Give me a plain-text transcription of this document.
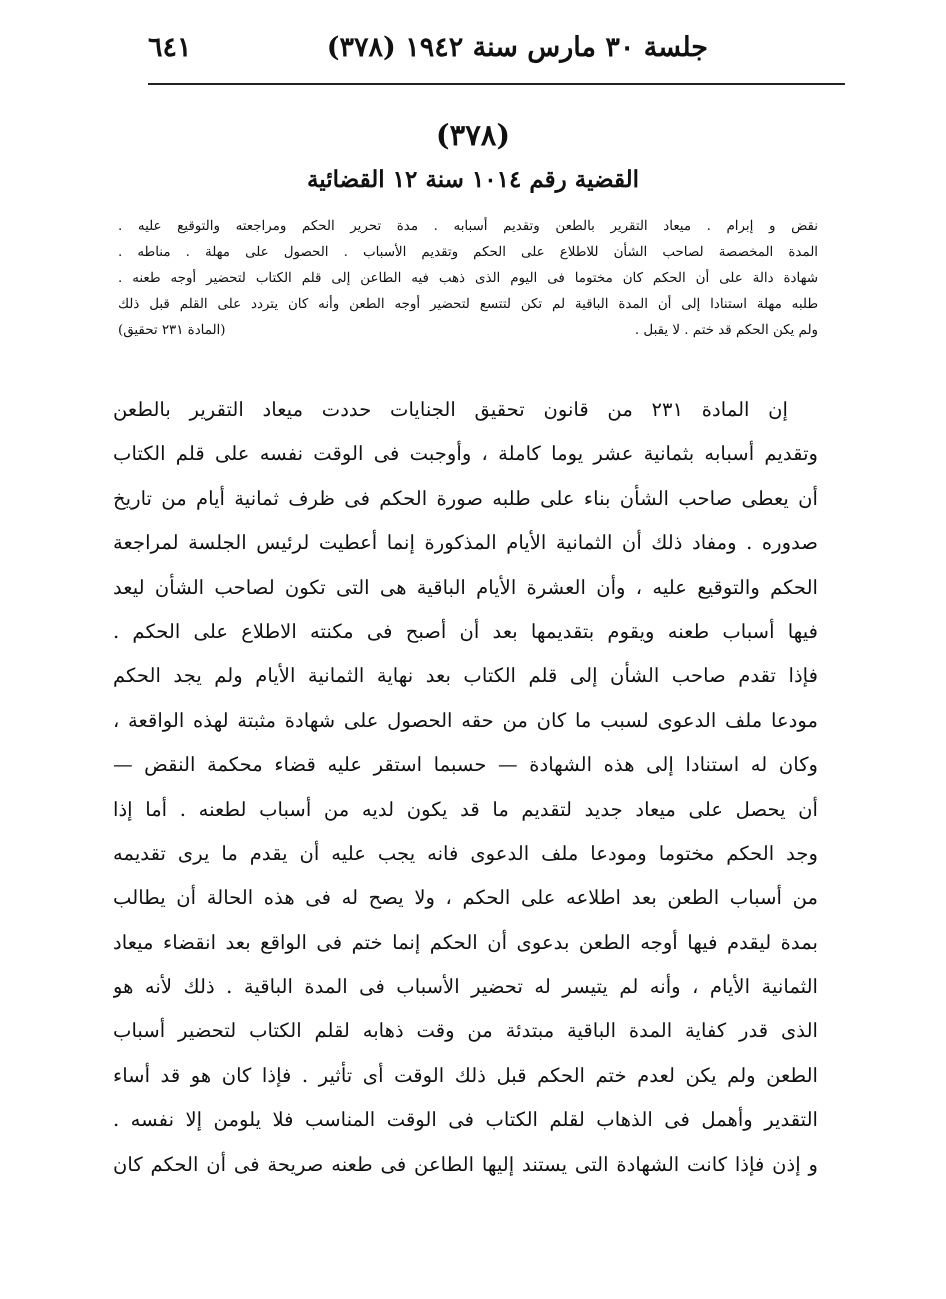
جلسة ٣٠ مارس سنة ١٩٤٢ (٣٧٨)
٦٤١
(٣٧٨)
القضية رقم ١٠١٤ سنة ١٢ القضائية
نقض و إبرام . ميعاد التقرير بالطعن وتقديم أسبابه . مدة تحرير الحكم ومراجعته والتوقيع عليه .
المدة المخصصة لصاحب الشأن للاطلاع على الحكم وتقديم الأسباب . الحصول على مهلة . مناطه .
شهادة دالة على أن الحكم كان مختوما فى اليوم الذى ذهب فيه الطاعن إلى قلم الكتاب لتحضير أوجه طعنه .
طلبه مهلة استنادا إلى أن المدة الباقية لم تكن لتتسع لتحضير أوجه الطعن وأنه كان يتردد على القلم قبل ذلك
ولم يكن الحكم قد ختم . لا يقبل .
(المادة ٢٣١ تحقيق)
إن المادة ٢٣١ من قانون تحقيق الجنايات حددت ميعاد التقرير بالطعن
وتقديم أسبابه بثمانية عشر يوما كاملة ، وأوجبت فى الوقت نفسه على قلم الكتاب
أن يعطى صاحب الشأن بناء على طلبه صورة الحكم فى ظرف ثمانية أيام من تاريخ
صدوره . ومفاد ذلك أن الثمانية الأيام المذكورة إنما أعطيت لرئيس الجلسة لمراجعة
الحكم والتوقيع عليه ، وأن العشرة الأيام الباقية هى التى تكون لصاحب الشأن ليعد
فيها أسباب طعنه ويقوم بتقديمها بعد أن أصبح فى مكنته الاطلاع على الحكم .
فإذا تقدم صاحب الشأن إلى قلم الكتاب بعد نهاية الثمانية الأيام ولم يجد الحكم
مودعا ملف الدعوى لسبب ما كان من حقه الحصول على شهادة مثبتة لهذه الواقعة ،
وكان له استنادا إلى هذه الشهادة — حسبما استقر عليه قضاء محكمة النقض —
أن يحصل على ميعاد جديد لتقديم ما قد يكون لديه من أسباب لطعنه . أما إذا
وجد الحكم مختوما ومودعا ملف الدعوى فانه يجب عليه أن يقدم ما يرى تقديمه
من أسباب الطعن بعد اطلاعه على الحكم ، ولا يصح له فى هذه الحالة أن يطالب
بمدة ليقدم فيها أوجه الطعن بدعوى أن الحكم إنما ختم فى الواقع بعد انقضاء ميعاد
الثمانية الأيام ، وأنه لم يتيسر له تحضير الأسباب فى المدة الباقية . ذلك لأنه هو
الذى قدر كفاية المدة الباقية مبتدئة من وقت ذهابه لقلم الكتاب لتحضير أسباب
الطعن ولم يكن لعدم ختم الحكم قبل ذلك الوقت أى تأثير . فإذا كان هو قد أساء
التقدير وأهمل فى الذهاب لقلم الكتاب فى الوقت المناسب فلا يلومن إلا نفسه .
و إذن فإذا كانت الشهادة التى يستند إليها الطاعن فى طعنه صريحة فى أن الحكم كان
